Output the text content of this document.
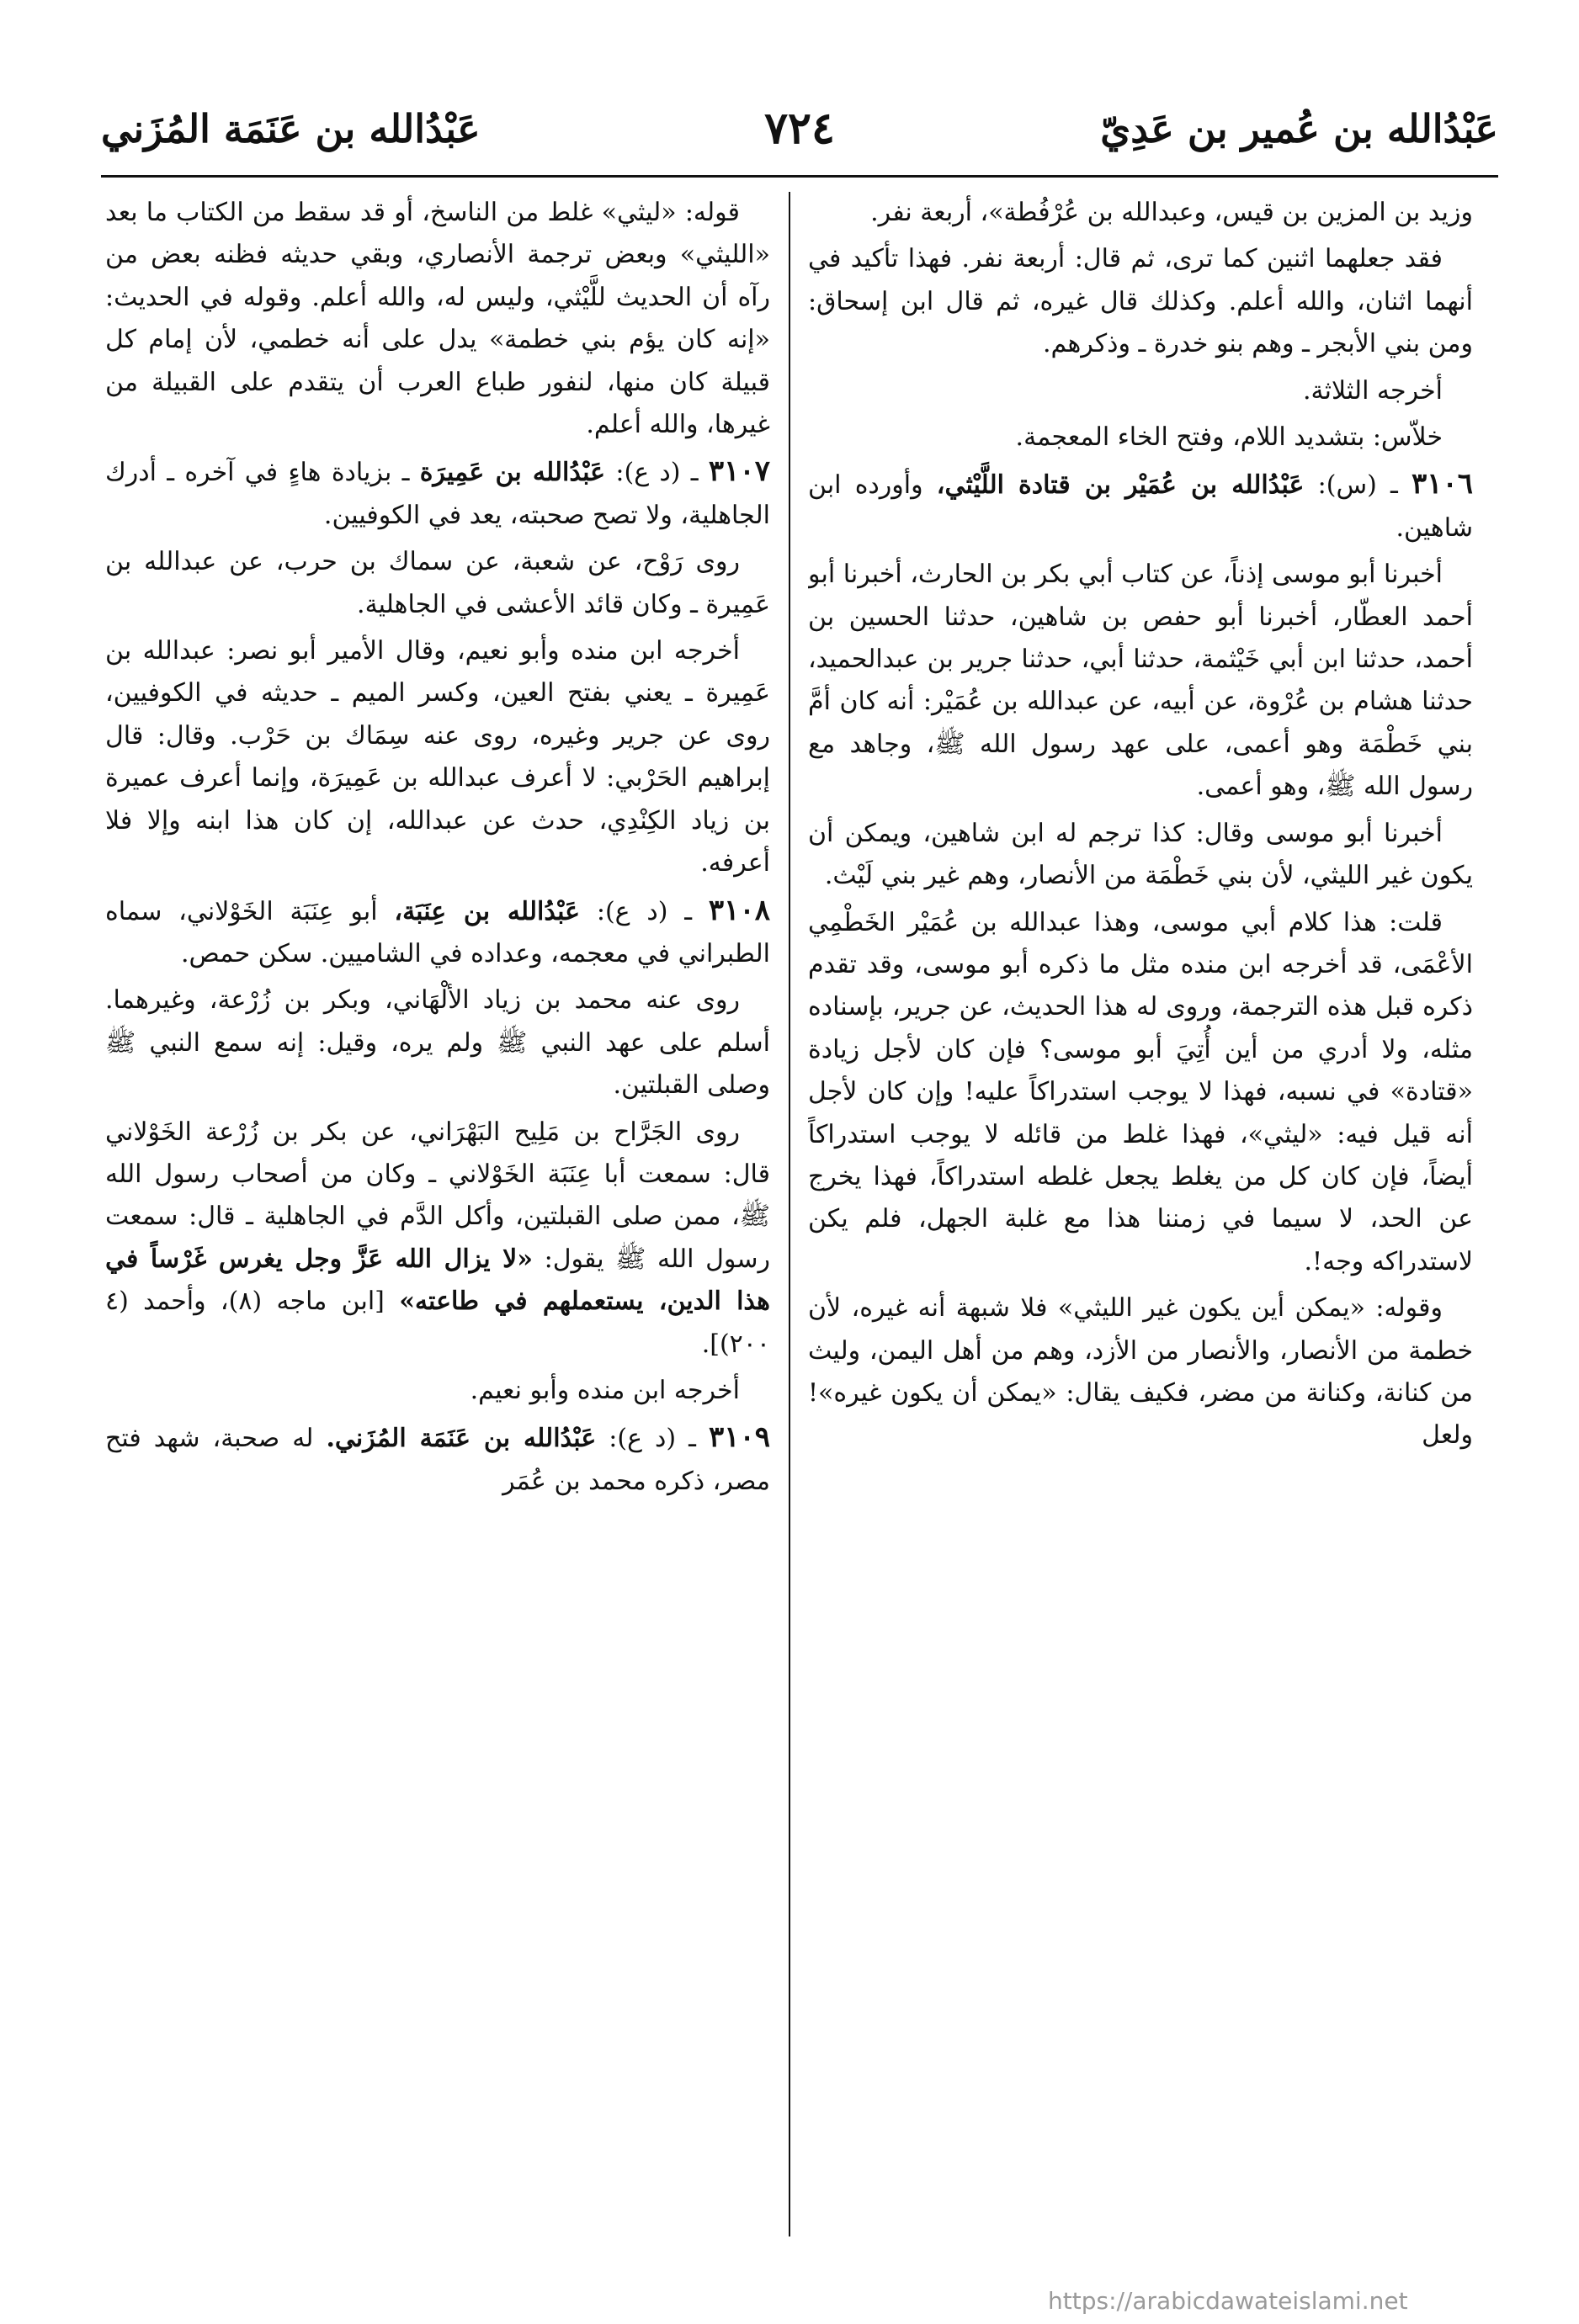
عَبْدُالله بن عُمير بن عَدِيّ
٧٢٤
عَبْدُالله بن عَنَمَة المُزَني

وزيد بن المزين بن قيس، وعبدالله بن عُرْفُطة»، أربعة نفر.

فقد جعلهما اثنين كما ترى، ثم قال: أربعة نفر. فهذا تأكيد في أنهما اثنان، والله أعلم. وكذلك قال غيره، ثم قال ابن إسحاق: ومن بني الأبجر ـ وهم بنو خدرة ـ وذكرهم.

أخرجه الثلاثة.

خلاّس: بتشديد اللام، وفتح الخاء المعجمة.

٣١٠٦ ـ (س): عَبْدُالله بن عُمَيْر بن قتادة اللَّيْثي، وأورده ابن شاهين.

أخبرنا أبو موسى إذناً، عن كتاب أبي بكر بن الحارث، أخبرنا أبو أحمد العطّار، أخبرنا أبو حفص بن شاهين، حدثنا الحسين بن أحمد، حدثنا ابن أبي خَيْثمة، حدثنا أبي، حدثنا جرير بن عبدالحميد، حدثنا هشام بن عُرْوة، عن أبيه، عن عبدالله بن عُمَيْر: أنه كان أمَّ بني خَطْمَة وهو أعمى، على عهد رسول الله ﷺ، وجاهد مع رسول الله ﷺ، وهو أعمى.

أخبرنا أبو موسى وقال: كذا ترجم له ابن شاهين، ويمكن أن يكون غير الليثي، لأن بني خَطْمَة من الأنصار، وهم غير بني لَيْث.

قلت: هذا كلام أبي موسى، وهذا عبدالله بن عُمَيْر الخَطْمِي الأعْمَى، قد أخرجه ابن منده مثل ما ذكره أبو موسى، وقد تقدم ذكره قبل هذه الترجمة، وروى له هذا الحديث، عن جرير، بإسناده مثله، ولا أدري من أين أُتِيَ أبو موسى؟ فإن كان لأجل زيادة «قتادة» في نسبه، فهذا لا يوجب استدراكاً عليه! وإن كان لأجل أنه قيل فيه: «ليثي»، فهذا غلط من قائله لا يوجب استدراكاً أيضاً، فإن كان كل من يغلط يجعل غلطه استدراكاً، فهذا يخرج عن الحد، لا سيما في زمننا هذا مع غلبة الجهل، فلم يكن لاستدراكه وجه!.

وقوله: «يمكن أين يكون غير الليثي» فلا شبهة أنه غيره، لأن خطمة من الأنصار، والأنصار من الأزد، وهم من أهل اليمن، وليث من كنانة، وكنانة من مضر، فكيف يقال: «يمكن أن يكون غيره»! ولعل

قوله: «ليثي» غلط من الناسخ، أو قد سقط من الكتاب ما بعد «الليثي» وبعض ترجمة الأنصاري، وبقي حديثه فظنه بعض من رآه أن الحديث للَّيْثي، وليس له، والله أعلم. وقوله في الحديث: «إنه كان يؤم بني خطمة» يدل على أنه خطمي، لأن إمام كل قبيلة كان منها، لنفور طباع العرب أن يتقدم على القبيلة من غيرها، والله أعلم.

٣١٠٧ ـ (د ع): عَبْدُالله بن عَمِيرَة ـ بزيادة هاءٍ في آخره ـ أدرك الجاهلية، ولا تصح صحبته، يعد في الكوفيين.

روى رَوْح، عن شعبة، عن سماك بن حرب، عن عبدالله بن عَمِيرة ـ وكان قائد الأعشى في الجاهلية.

أخرجه ابن منده وأبو نعيم، وقال الأمير أبو نصر: عبدالله بن عَمِيرة ـ يعني بفتح العين، وكسر الميم ـ حديثه في الكوفيين، روى عن جرير وغيره، روى عنه سِمَاك بن حَرْب. وقال: قال إبراهيم الحَرْبي: لا أعرف عبدالله بن عَمِيرَة، وإنما أعرف عميرة بن زياد الكِنْدِي، حدث عن عبدالله، إن كان هذا ابنه وإلا فلا أعرفه.

٣١٠٨ ـ (د ع): عَبْدُالله بن عِنَبَة، أبو عِنَبَة الخَوْلاني، سماه الطبراني في معجمه، وعداده في الشاميين. سكن حمص.

روى عنه محمد بن زياد الألْهَاني، وبكر بن زُرْعة، وغيرهما. أسلم على عهد النبي ﷺ ولم يره، وقيل: إنه سمع النبي ﷺ وصلى القبلتين.

روى الجَرَّاح بن مَلِيح البَهْرَاني، عن بكر بن زُرْعة الخَوْلاني قال: سمعت أبا عِنَبَة الخَوْلاني ـ وكان من أصحاب رسول الله ﷺ، ممن صلى القبلتين، وأكل الدَّم في الجاهلية ـ قال: سمعت رسول الله ﷺ يقول: «لا يزال الله عَزَّ وجل يغرس غَرْساً في هذا الدين، يستعملهم في طاعته» [ابن ماجه (٨)، وأحمد (٤ ٢٠٠)].

أخرجه ابن منده وأبو نعيم.

٣١٠٩ ـ (د ع): عَبْدُالله بن عَنَمَة المُزَني. له صحبة، شهد فتح مصر، ذكره محمد بن عُمَر

https://arabicdawateislami.net
